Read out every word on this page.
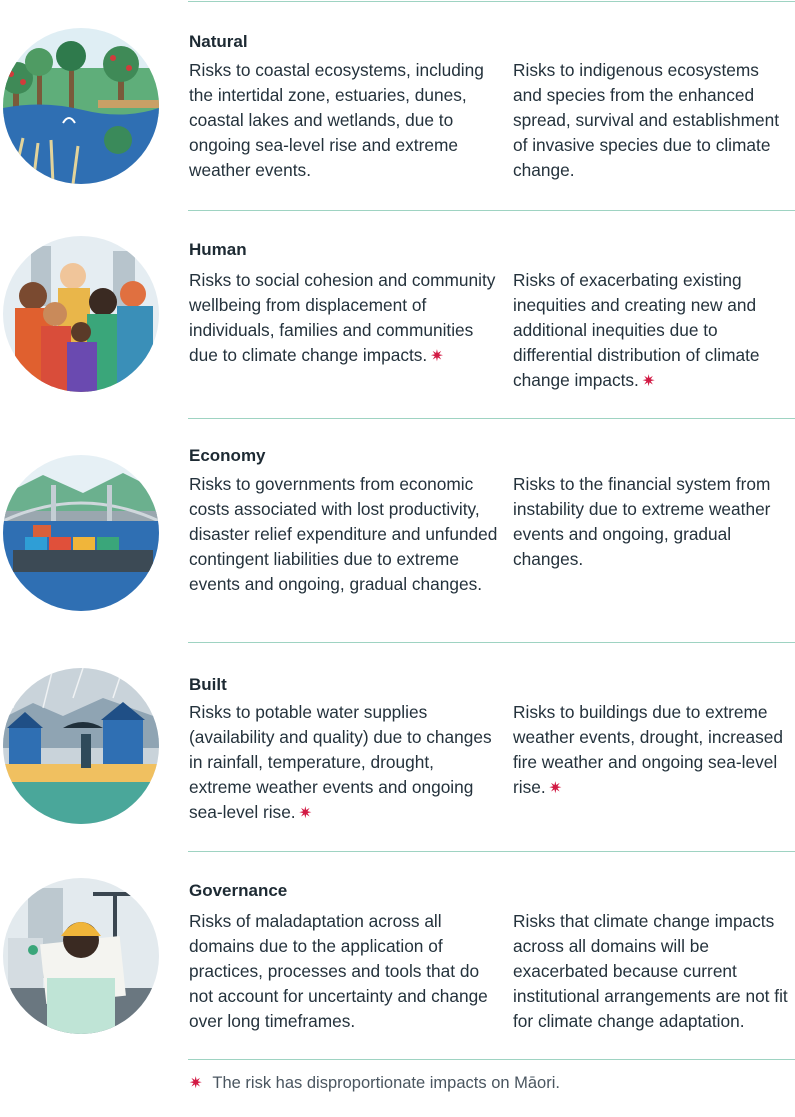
Natural
Risks to coastal ecosystems, including the intertidal zone, estuaries, dunes, coastal lakes and wetlands, due to ongoing sea-level rise and extreme weather events.
Risks to indigenous ecosystems and species from the enhanced spread, survival and establishment of invasive species due to climate change.
Human
Risks to social cohesion and community wellbeing from displacement of individuals, families and communities due to climate change impacts. ✷
Risks of exacerbating existing inequities and creating new and additional inequities due to differential distribution of climate change impacts. ✷
Economy
Risks to governments from economic costs associated with lost productivity, disaster relief expenditure and unfunded contingent liabilities due to extreme events and ongoing, gradual changes.
Risks to the financial system from instability due to extreme weather events and ongoing, gradual changes.
Built
Risks to potable water supplies (availability and quality) due to changes in rainfall, temperature, drought, extreme weather events and ongoing sea-level rise. ✷
Risks to buildings due to extreme weather events, drought, increased fire weather and ongoing sea-level rise. ✷
Governance
Risks of maladaptation across all domains due to the application of practices, processes and tools that do not account for uncertainty and change over long timeframes.
Risks that climate change impacts across all domains will be exacerbated because current institutional arrangements are not fit for climate change adaptation.
✷ The risk has disproportionate impacts on Māori.
